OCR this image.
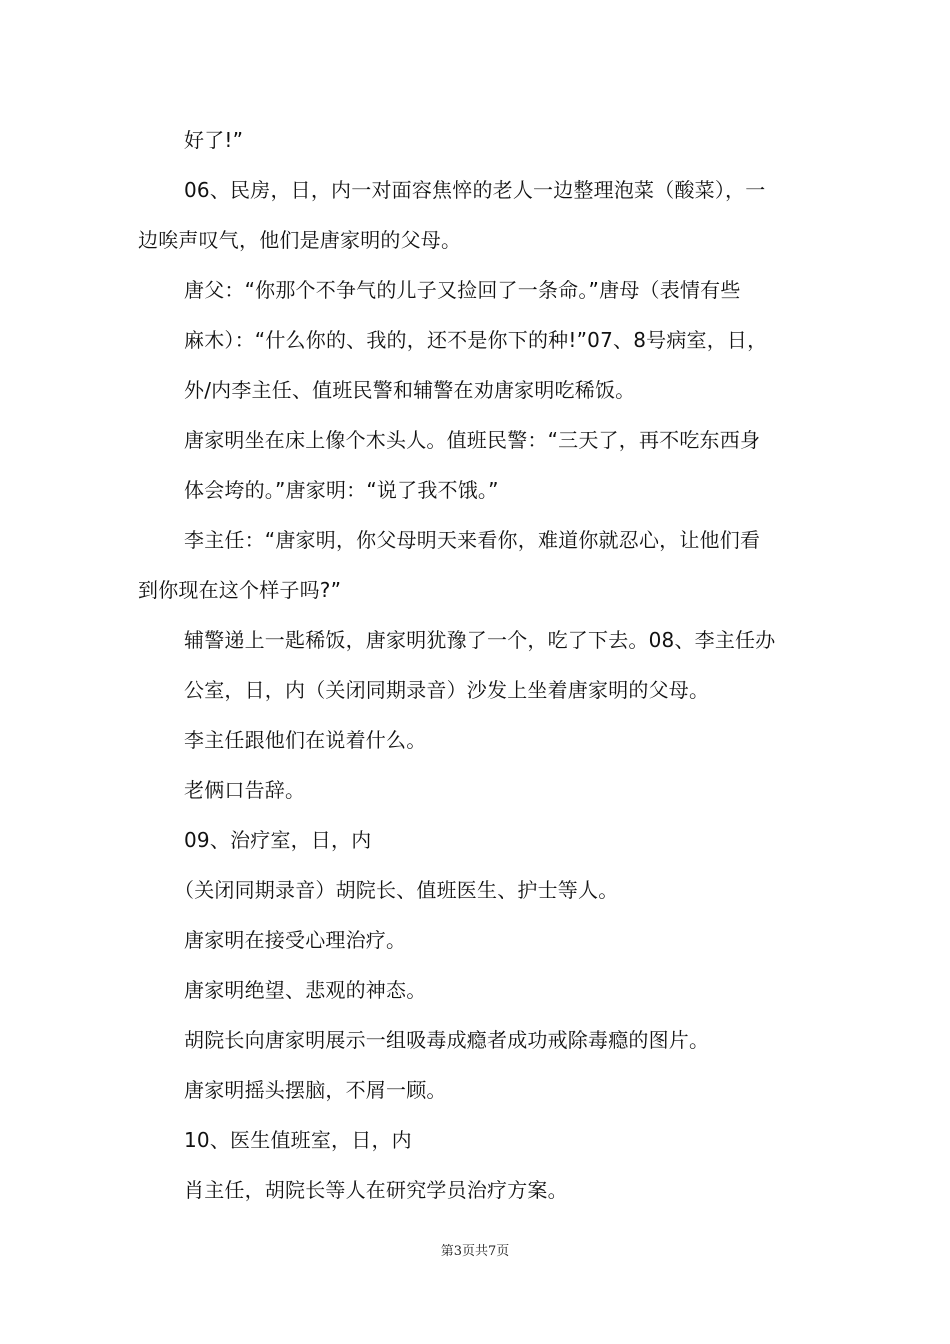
好了!”
06、民房，日，内一对面容焦悴的老人一边整理泡菜（酸菜），一
边唉声叹气，他们是唐家明的父母。
唐父：“你那个不争气的儿子又捡回了一条命。”唐母（表情有些
麻木）：“什么你的、我的，还不是你下的种!”07、8号病室，日，
外/内李主任、值班民警和辅警在劝唐家明吃稀饭。
唐家明坐在床上像个木头人。值班民警：“三天了，再不吃东西身
体会垮的。”唐家明：“说了我不饿。”
李主任：“唐家明，你父母明天来看你，难道你就忍心，让他们看
到你现在这个样子吗?”
辅警递上一匙稀饭，唐家明犹豫了一个，吃了下去。08、李主任办
公室，日，内（关闭同期录音）沙发上坐着唐家明的父母。
李主任跟他们在说着什么。
老俩口告辞。
09、治疗室，日，内
（关闭同期录音）胡院长、值班医生、护士等人。
唐家明在接受心理治疗。
唐家明绝望、悲观的神态。
胡院长向唐家明展示一组吸毒成瘾者成功戒除毒瘾的图片。
唐家明摇头摆脑，不屑一顾。
10、医生值班室，日，内
肖主任，胡院长等人在研究学员治疗方案。
第3页共7页
